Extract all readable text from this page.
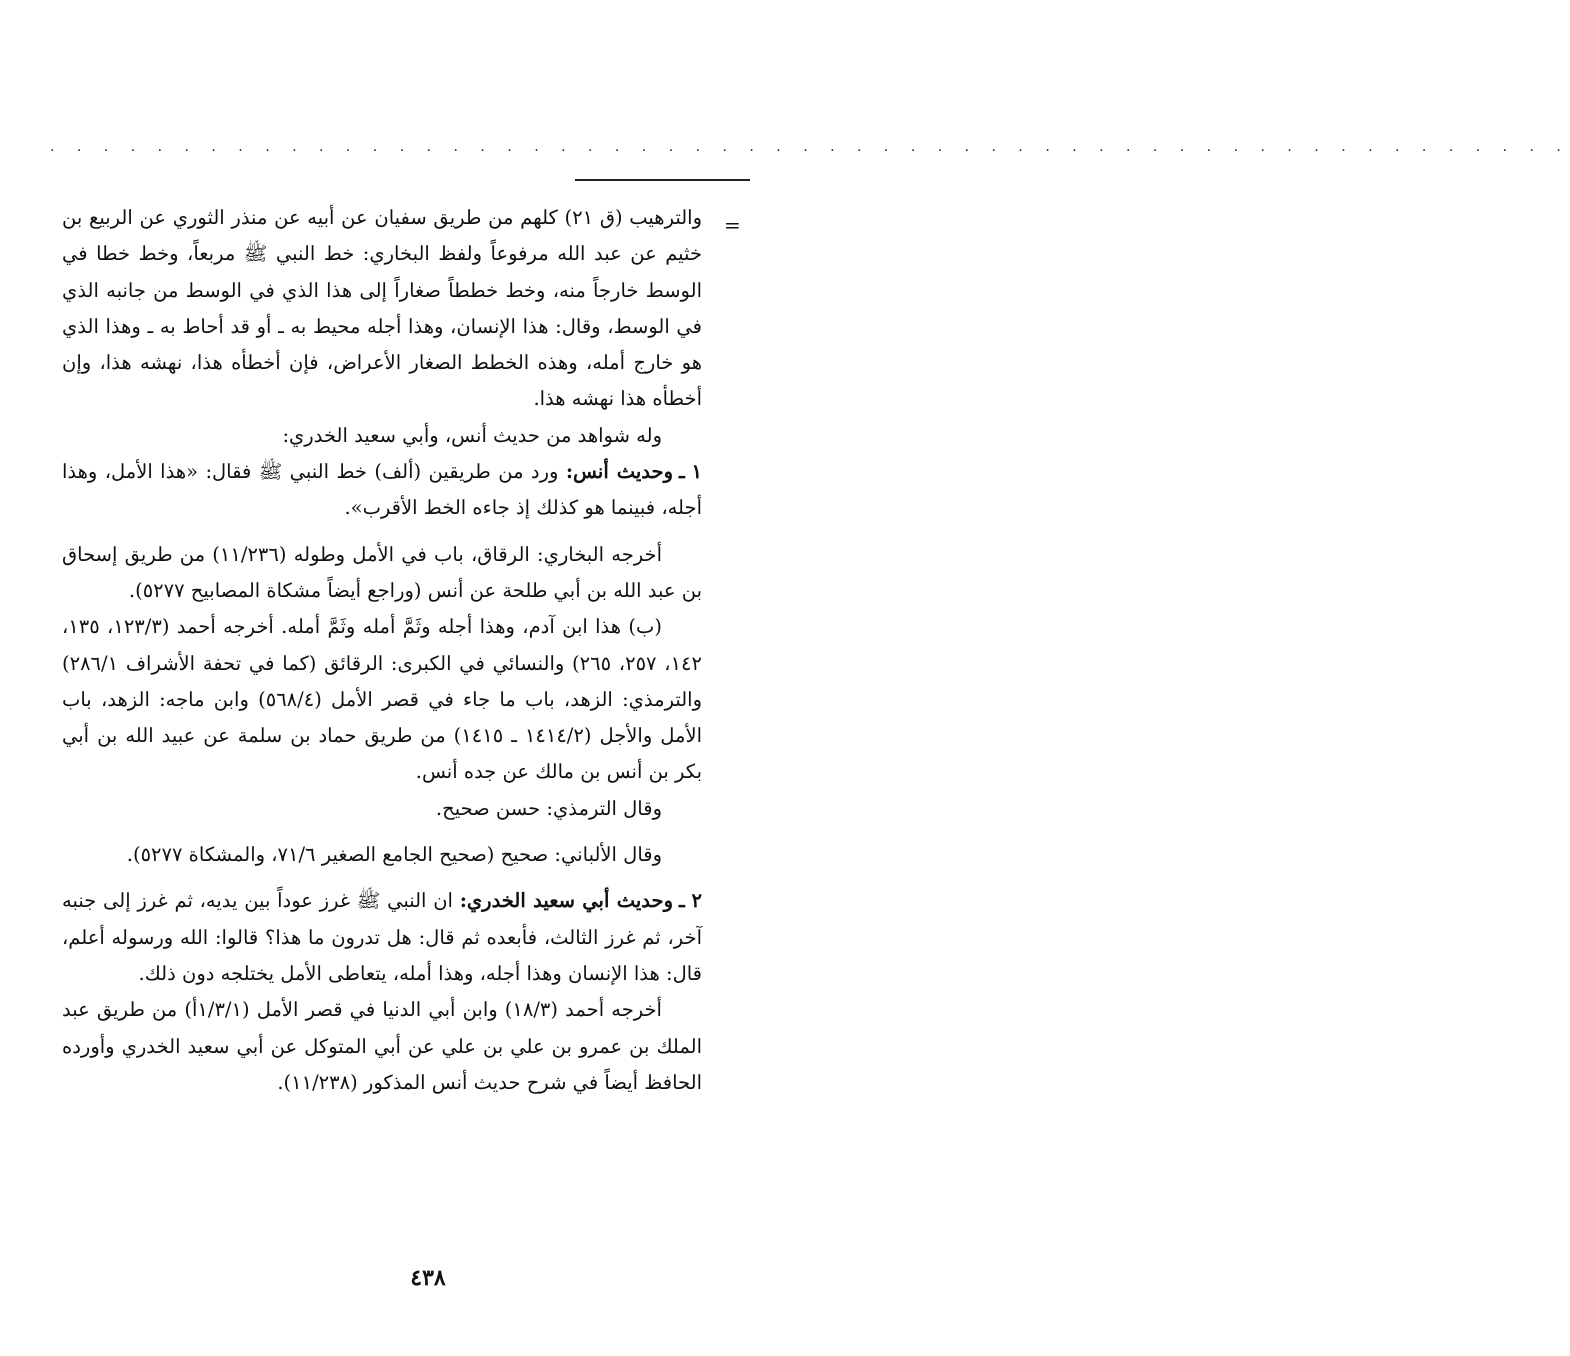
. . . . . . . . . . . . . . . . . . . . . . . . . . . . . . . . . . . . . . . . . . . . . . . . . . . . . . . . .
=

والترهيب (ق ٢١) كلهم من طريق سفيان عن أبيه عن منذر الثوري عن الربيع بن خثيم عن عبد الله مرفوعاً ولفظ البخاري: خط النبي ﷺ مربعاً، وخط خطا في الوسط خارجاً منه، وخط خططاً صغاراً إلى هذا الذي في الوسط من جانبه الذي في الوسط، وقال: هذا الإنسان، وهذا أجله محيط به ـ أو قد أحاط به ـ وهذا الذي هو خارج أمله، وهذه الخطط الصغار الأعراض، فإن أخطأه هذا، نهشه هذا، وإن أخطأه هذا نهشه هذا.

وله شواهد من حديث أنس، وأبي سعيد الخدري:

١ ـوحديث أنس: ورد من طريقين (ألف) خط النبي ﷺ فقال: «هذا الأمل، وهذا أجله، فبينما هو كذلك إذ جاءه الخط الأقرب».

أخرجه البخاري: الرقاق، باب في الأمل وطوله (١١/٢٣٦) من طريق إسحاق بن عبد الله بن أبي طلحة عن أنس (وراجع أيضاً مشكاة المصابيح ٥٢٧٧).

(ب) هذا ابن آدم، وهذا أجله وثَمَّ أمله وثَمَّ أمله. أخرجه أحمد (١٢٣/٣، ١٣٥، ١٤٢، ٢٥٧، ٢٦٥) والنسائي في الكبرى: الرقائق (كما في تحفة الأشراف ٢٨٦/١) والترمذي: الزهد، باب ما جاء في قصر الأمل (٥٦٨/٤) وابن ماجه: الزهد، باب الأمل والأجل (١٤١٤/٢ ـ ١٤١٥) من طريق حماد بن سلمة عن عبيد الله بن أبي بكر بن أنس بن مالك عن جده أنس.

وقال الترمذي: حسن صحيح.

وقال الألباني: صحيح (صحيح الجامع الصغير ٧١/٦، والمشكاة ٥٢٧٧).

٢ ـوحديث أبي سعيد الخدري: ان النبي ﷺ غرز عوداً بين يديه، ثم غرز إلى جنبه آخر، ثم غرز الثالث، فأبعده ثم قال: هل تدرون ما هذا؟ قالوا: الله ورسوله أعلم، قال: هذا الإنسان وهذا أجله، وهذا أمله، يتعاطى الأمل يختلجه دون ذلك.

أخرجه أحمد (١٨/٣) وابن أبي الدنيا في قصر الأمل (١/٣/١أ) من طريق عبد الملك بن عمرو بن علي بن علي عن أبي المتوكل عن أبي سعيد الخدري وأورده الحافظ أيضاً في شرح حديث أنس المذكور (١١/٢٣٨).

٤٣٨
